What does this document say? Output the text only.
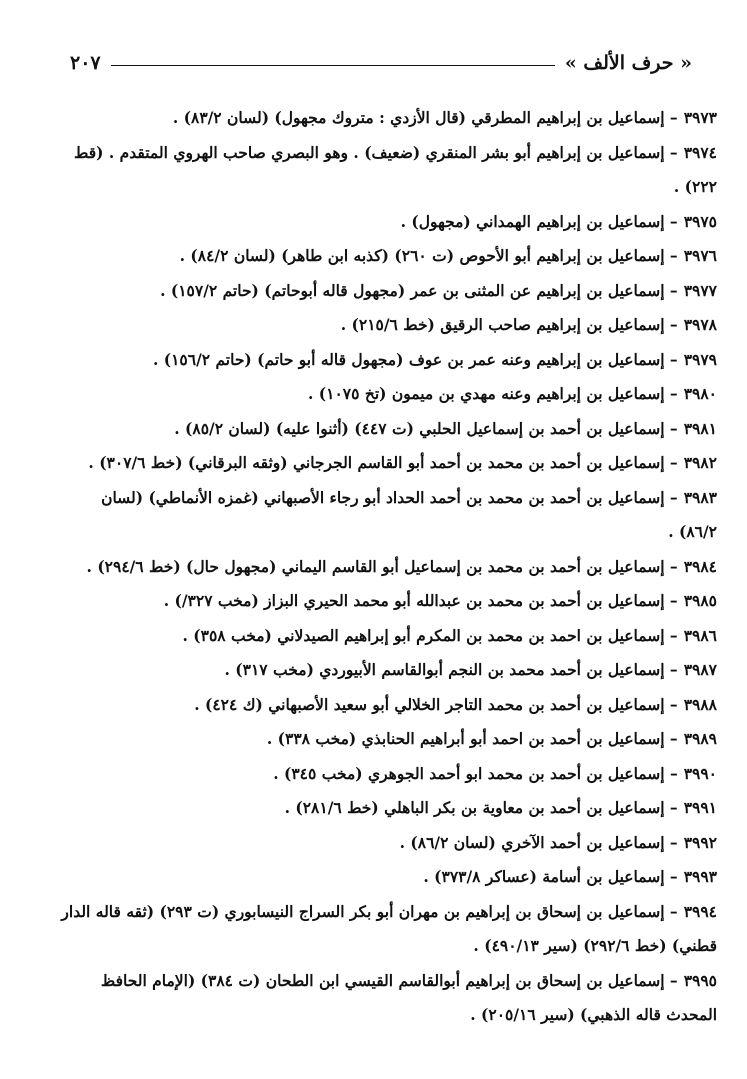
« حرف الألف »
٢٠٧

٣٩٧٣– إسماعيل بن إبراهيم المطرقي (قال الأزدي : متروك مجهول) (لسان ٨٣/٢) .

٣٩٧٤– إسماعيل بن إبراهيم أبو بشر المنقري (ضعيف) . وهو البصري صاحب الهروي المتقدم . (قط ٢٢٢) .

٣٩٧٥– إسماعيل بن إبراهيم الهمداني (مجهول) .

٣٩٧٦– إسماعيل بن إبراهيم أبو الأحوص (ت ٢٦٠) (كذبه ابن طاهر) (لسان ٨٤/٢) .

٣٩٧٧– إسماعيل بن إبراهيم عن المثنى بن عمر (مجهول قاله أبوحاتم) (حاتم ١٥٧/٢) .

٣٩٧٨– إسماعيل بن إبراهيم صاحب الرقيق (خط ٢١٥/٦) .

٣٩٧٩– إسماعيل بن إبراهيم وعنه عمر بن عوف (مجهول قاله أبو حاتم) (حاتم ١٥٦/٢) .

٣٩٨٠– إسماعيل بن إبراهيم وعنه مهدي بن ميمون (تخ ١٠٧٥) .

٣٩٨١– إسماعيل بن أحمد بن إسماعيل الحلبي (ت ٤٤٧) (أثنوا عليه) (لسان ٨٥/٢) .

٣٩٨٢– إسماعيل بن أحمد بن محمد بن أحمد أبو القاسم الجرجاني (وثقه البرقاني) (خط ٣٠٧/٦) .

٣٩٨٣– إسماعيل بن أحمد بن محمد بن أحمد الحداد أبو رجاء الأصبهاني (غمزه الأنماطي) (لسان ٨٦/٢) .

٣٩٨٤– إسماعيل بن أحمد بن محمد بن إسماعيل أبو القاسم اليماني (مجهول حال) (خط ٢٩٤/٦) .

٣٩٨٥– إسماعيل بن أحمد بن محمد بن عبدالله أبو محمد الحيري البزاز (مخب ٣٢٧/) .

٣٩٨٦– إسماعيل بن احمد بن محمد بن المكرم أبو إبراهيم الصيدلاني (مخب ٣٥٨) .

٣٩٨٧– إسماعيل بن أحمد محمد بن النجم أبوالقاسم الأبيوردي (مخب ٣١٧) .

٣٩٨٨– إسماعيل بن أحمد بن محمد التاجر الخلالي أبو سعيد الأصبهاني (ك ٤٢٤) .

٣٩٨٩– إسماعيل بن أحمد بن احمد أبو أبراهيم الحنابذي (مخب ٣٣٨) .

٣٩٩٠– إسماعيل بن أحمد بن محمد ابو أحمد الجوهري (مخب ٣٤٥) .

٣٩٩١– إسماعيل بن أحمد بن معاوية بن بكر الباهلي (خط ٢٨١/٦) .

٣٩٩٢– إسماعيل بن أحمد الآخري (لسان ٨٦/٢) .

٣٩٩٣– إسماعيل بن أسامة (عساكر ٣٧٣/٨) .

٣٩٩٤– إسماعيل بن إسحاق بن إبراهيم بن مهران أبو بكر السراج النيسابوري (ت ٢٩٣) (ثقه قاله الدار قطني) (خط ٢٩٢/٦) (سير ٤٩٠/١٣) .

٣٩٩٥– إسماعيل بن إسحاق بن إبراهيم أبوالقاسم القيسي ابن الطحان (ت ٣٨٤) (الإمام الحافظ المحدث قاله الذهبي) (سير ٢٠٥/١٦) .
